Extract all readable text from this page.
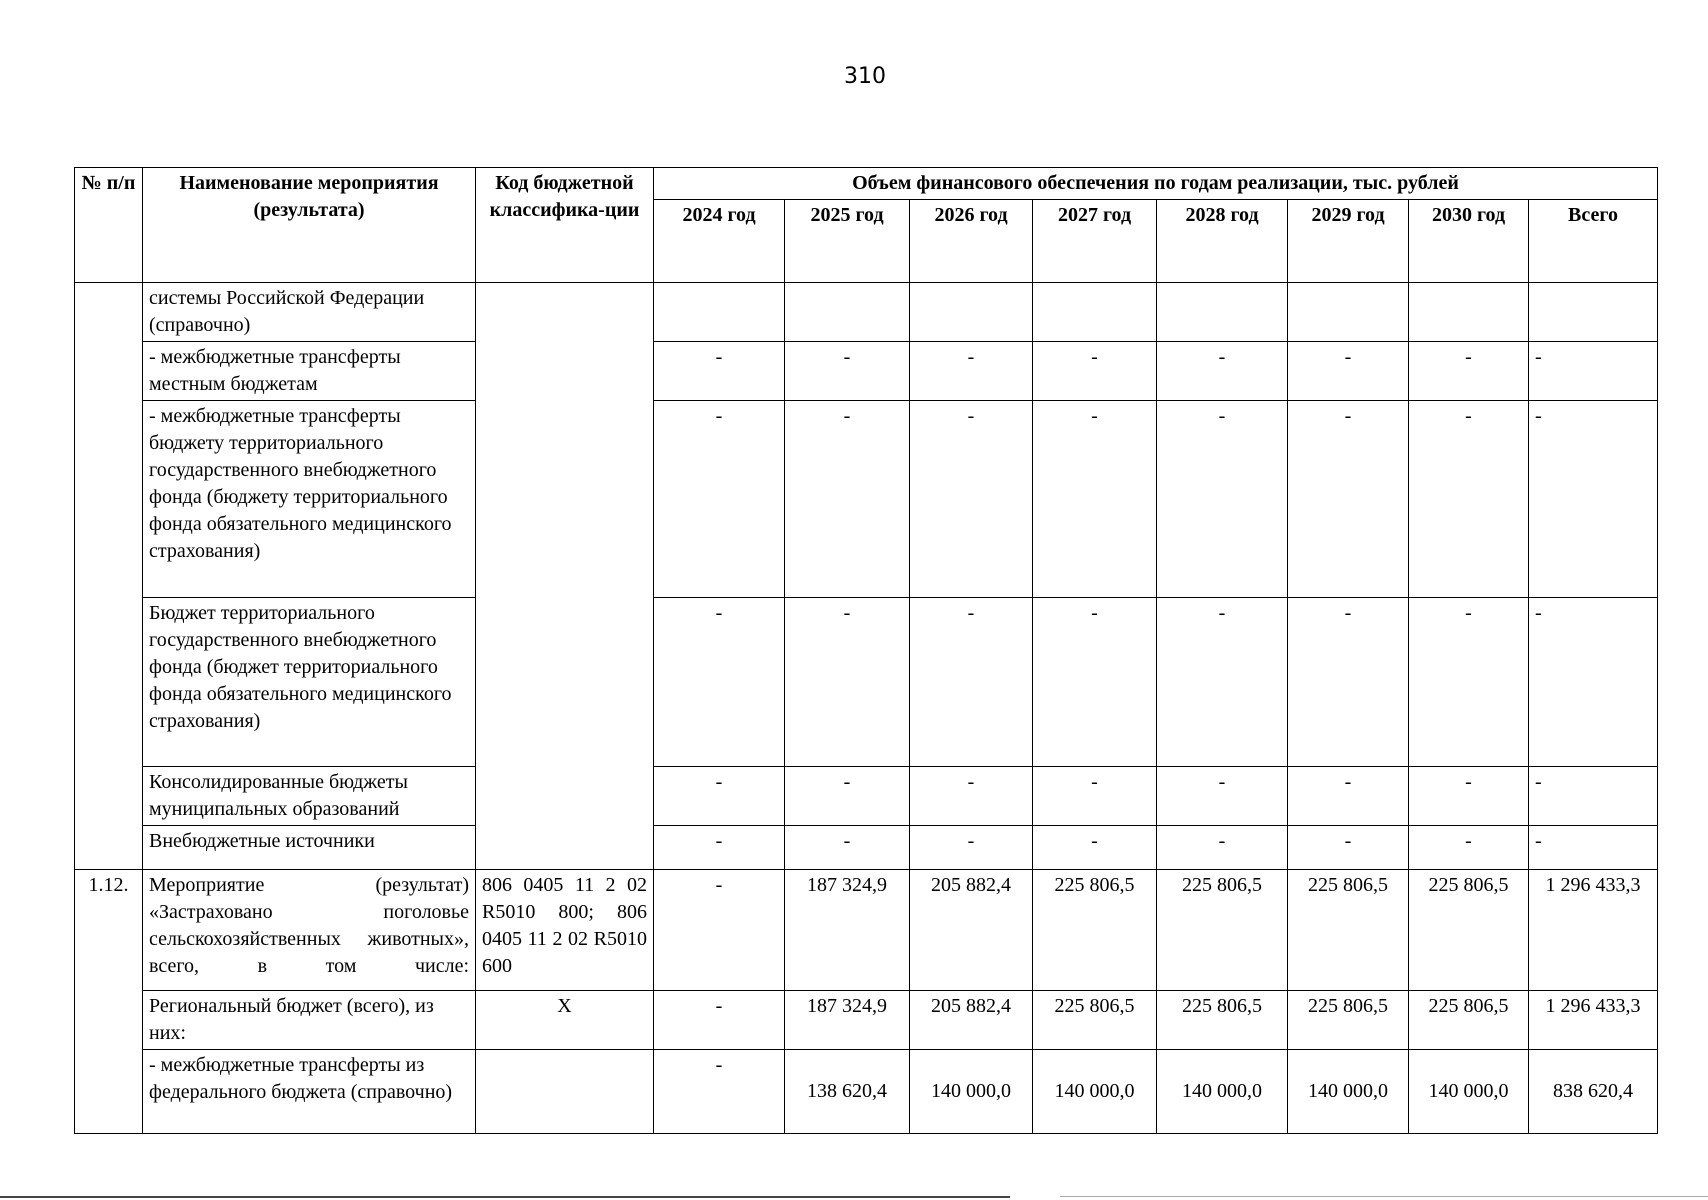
310
№ п/п	Наименование мероприятия (результата)	Код бюджетной классифика-ции	Объем финансового обеспечения по годам реализации, тыс. рублей							
			2024 год	2025 год	2026 год	2027 год	2028 год	2029 год	2030 год	Всего
	системы Российской Федерации (справочно)									
	- межбюджетные трансферты местным бюджетам		-	-	-	-	-	-	-	-
	- межбюджетные трансферты бюджету территориального государственного внебюджетного фонда (бюджету территориального фонда обязательного медицинского страхования)		-	-	-	-	-	-	-	-
	Бюджет территориального государственного внебюджетного фонда (бюджет территориального фонда обязательного медицинского страхования)		-	-	-	-	-	-	-	-
	Консолидированные бюджеты муниципальных образований		-	-	-	-	-	-	-	-
	Внебюджетные источники		-	-	-	-	-	-	-	-
1.12.	Мероприятие (результат) «Застраховано поголовье сельскохозяйственных животных», всего, в том числе:	806 0405 11 2 02 R5010 800; 806 0405 11 2 02 R5010 600	-	187 324,9	205 882,4	225 806,5	225 806,5	225 806,5	225 806,5	1 296 433,3
	Региональный бюджет (всего), из них:	X	-	187 324,9	205 882,4	225 806,5	225 806,5	225 806,5	225 806,5	1 296 433,3
	- межбюджетные трансферты из федерального бюджета (справочно)		-	138 620,4	140 000,0	140 000,0	140 000,0	140 000,0	140 000,0	838 620,4
